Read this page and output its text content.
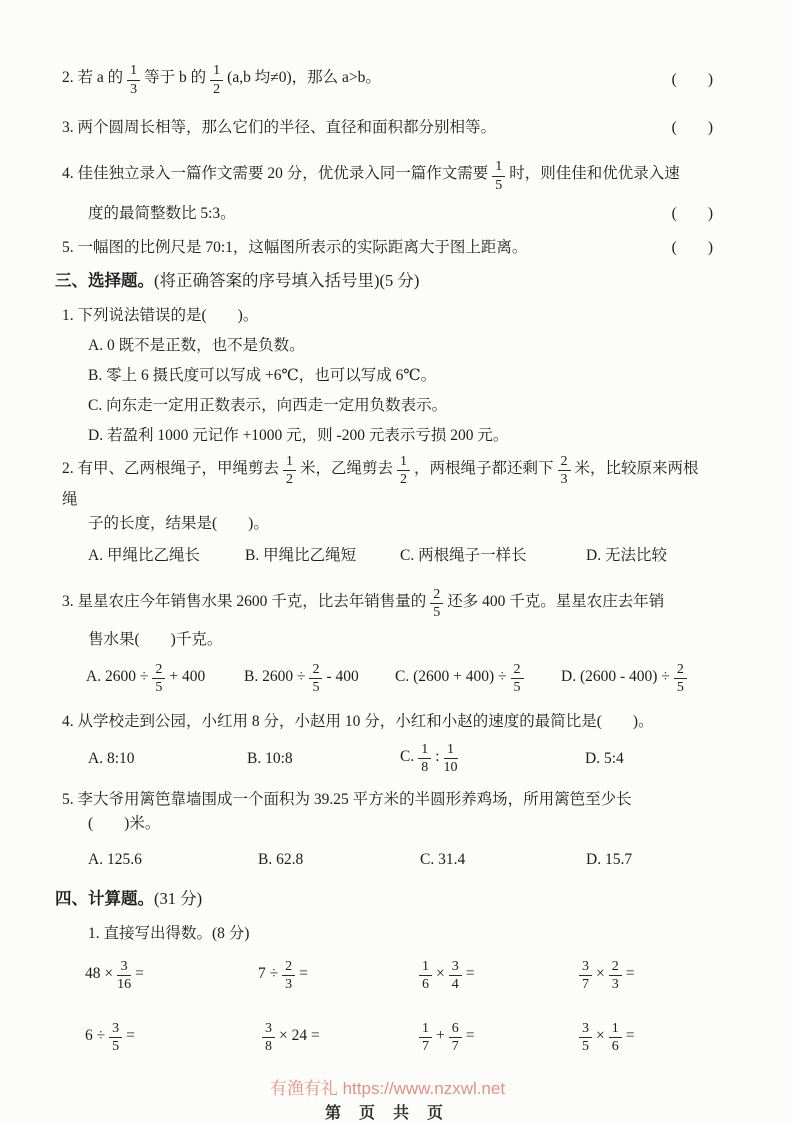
2. 若 a 的 $\frac{1}{3}$ 等于 b 的 $\frac{1}{2} (a,b$ 均≠0)，那么 a>b。	(　　)
3. 两个圆周长相等，那么它们的半径、直径和面积都分别相等。	(　　)
4. 佳佳独立录入一篇作文需要 20 分，优优录入同一篇作文需要 $\frac{1}{5}$ 时，则佳佳和优优录入速
度的最简整数比 5:3。	(　　)
5. 一幅图的比例尺是 70:1，这幅图所表示的实际距离大于图上距离。	(　　)
三、选择题。(将正确答案的序号填入括号里)(5 分)
1. 下列说法错误的是(　　)。
A. 0 既不是正数，也不是负数。
B. 零上 6 摄氏度可以写成 +6℃，也可以写成 6℃。
C. 向东走一定用正数表示，向西走一定用负数表示。
D. 若盈利 1000 元记作 +1000 元，则 -200 元表示亏损 200 元。
2. 有甲、乙两根绳子，甲绳剪去 $\frac{1}{2}$ 米，乙绳剪去 $\frac{1}{2}$ ，两根绳子都还剩下 $\frac{2}{3}$ 米，比较原来两根绳
子的长度，结果是(　　)。
A. 甲绳比乙绳长	B. 甲绳比乙绳短	C. 两根绳子一样长	D. 无法比较
3. 星星农庄今年销售水果 2600 千克，比去年销售量的 $\frac{2}{5}$ 还多 400 千克。星星农庄去年销
售水果(　　)千克。
A. $2600 \div \frac{2}{5} + 400$	B. $2600 \div \frac{2}{5} - 400$	C. $(2600 + 400) \div \frac{2}{5} D$. $(2600 - 400) \div \frac{2}{5}$
4. 从学校走到公园，小红用 8 分，小赵用 10 分，小红和小赵的速度的最简比是(　　)。
A. 8:10	B. 10:8	C. $\frac{1}{8}$ : $\frac{1}{10}$	D. 5:4
5. 李大爷用篱笆靠墙围成一个面积为 39.25 平方米的半圆形养鸡场，所用篱笆至少长
(　　)米。
A. 125.6	B. 62.8	C. 31.4	D. 15.7
四、计算题。(31 分)
1. 直接写出得数。(8 分)
$48 \times \frac{3}{16}$ =	$7 \div \frac{2}{3}$ =	$\frac{1}{6} \times \frac{3}{4}$ =	$\frac{3}{7} \times \frac{2}{3}$ =
$6 \div \frac{3}{5}$ =	$\frac{3}{8} \times 24$ =	$\frac{1}{7} + \frac{6}{7}$ =	$\frac{3}{5} \times \frac{1}{6}$ =
有渔有礼 https://www.nzxwl.net
第 页 共 页
